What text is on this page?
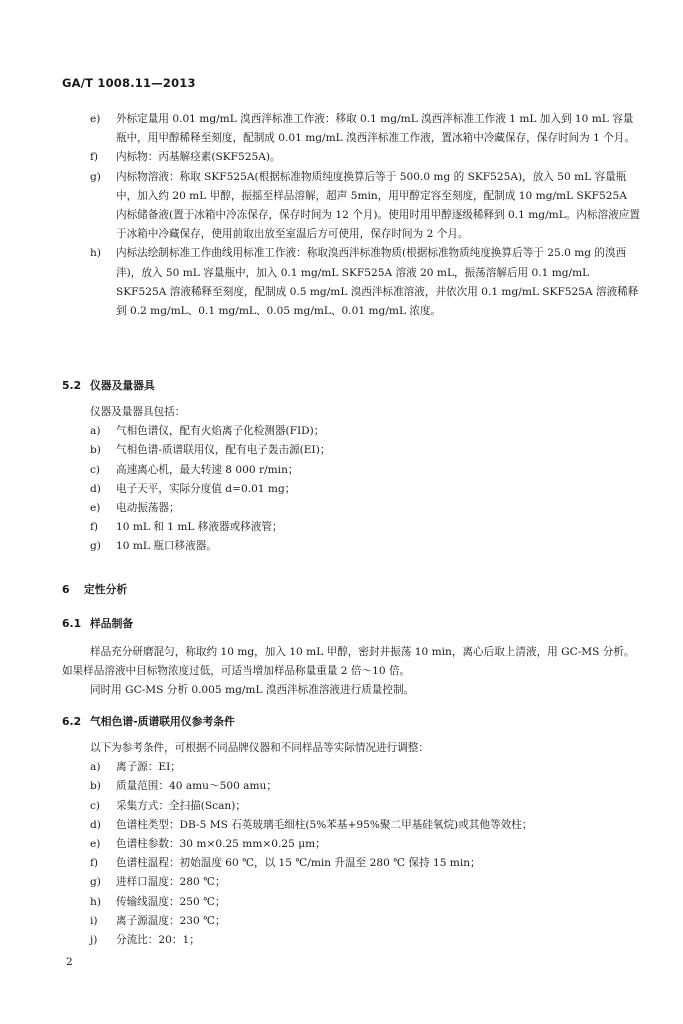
GA/T 1008.11—2013
e) 外标定量用 0.01 mg/mL 溴西泮标准工作液：移取 0.1 mg/mL 溴西泮标准工作液 1 mL 加入到 10 mL 容量瓶中，用甲醇稀释至刻度，配制成 0.01 mg/mL 溴西泮标准工作液，置冰箱中冷藏保存，保存时间为 1 个月。
f) 内标物：丙基解痉素(SKF525A)。
g) 内标物溶液：称取 SKF525A(根据标准物质纯度换算后等于 500.0 mg 的 SKF525A)，放入 50 mL 容量瓶中，加入约 20 mL 甲醇，振摇至样品溶解，超声 5min，用甲醇定容至刻度，配制成 10 mg/mL SKF525A 内标储备液(置于冰箱中冷冻保存，保存时间为 12 个月)。使用时用甲醇逐级稀释到 0.1 mg/mL。内标溶液应置于冰箱中冷藏保存，使用前取出放至室温后方可使用，保存时间为 2 个月。
h) 内标法绘制标准工作曲线用标准工作液：称取溴西泮标准物质(根据标准物质纯度换算后等于 25.0 mg 的溴西泮)，放入 50 mL 容量瓶中，加入 0.1 mg/mL SKF525A 溶液 20 mL，振荡溶解后用 0.1 mg/mL SKF525A 溶液稀释至刻度，配制成 0.5 mg/mL 溴西泮标准溶液，并依次用 0.1 mg/mL SKF525A 溶液稀释到 0.2 mg/mL、0.1 mg/mL、0.05 mg/mL、0.01 mg/mL 浓度。
5.2 仪器及量器具
仪器及量器具包括：
a) 气相色谱仪，配有火焰离子化检测器(FID)；
b) 气相色谱-质谱联用仪，配有电子轰击源(EI)；
c) 高速离心机，最大转速 8 000 r/min；
d) 电子天平，实际分度值 d=0.01 mg；
e) 电动振荡器；
f) 10 mL 和 1 mL 移液器或移液管；
g) 10 mL 瓶口移液器。
6 定性分析
6.1 样品制备
样品充分研磨混匀，称取约 10 mg，加入 10 mL 甲醇，密封并振荡 10 min，离心后取上清液，用 GC-MS 分析。如果样品溶液中目标物浓度过低，可适当增加样品称量重量 2 倍～10 倍。
同时用 GC-MS 分析 0.005 mg/mL 溴西泮标准溶液进行质量控制。
6.2 气相色谱-质谱联用仪参考条件
以下为参考条件，可根据不同品牌仪器和不同样品等实际情况进行调整：
a) 离子源：EI；
b) 质量范围：40 amu～500 amu；
c) 采集方式：全扫描(Scan)；
d) 色谱柱类型：DB-5 MS 石英玻璃毛细柱(5%苯基+95%聚二甲基硅氧烷)或其他等效柱；
e) 色谱柱参数：30 m×0.25 mm×0.25 μm；
f) 色谱柱温程：初始温度 60 ℃，以 15 ℃/min 升温至 280 ℃ 保持 15 min；
g) 进样口温度：280 ℃；
h) 传输线温度：250 ℃；
i) 离子源温度：230 ℃；
j) 分流比：20：1；
2
